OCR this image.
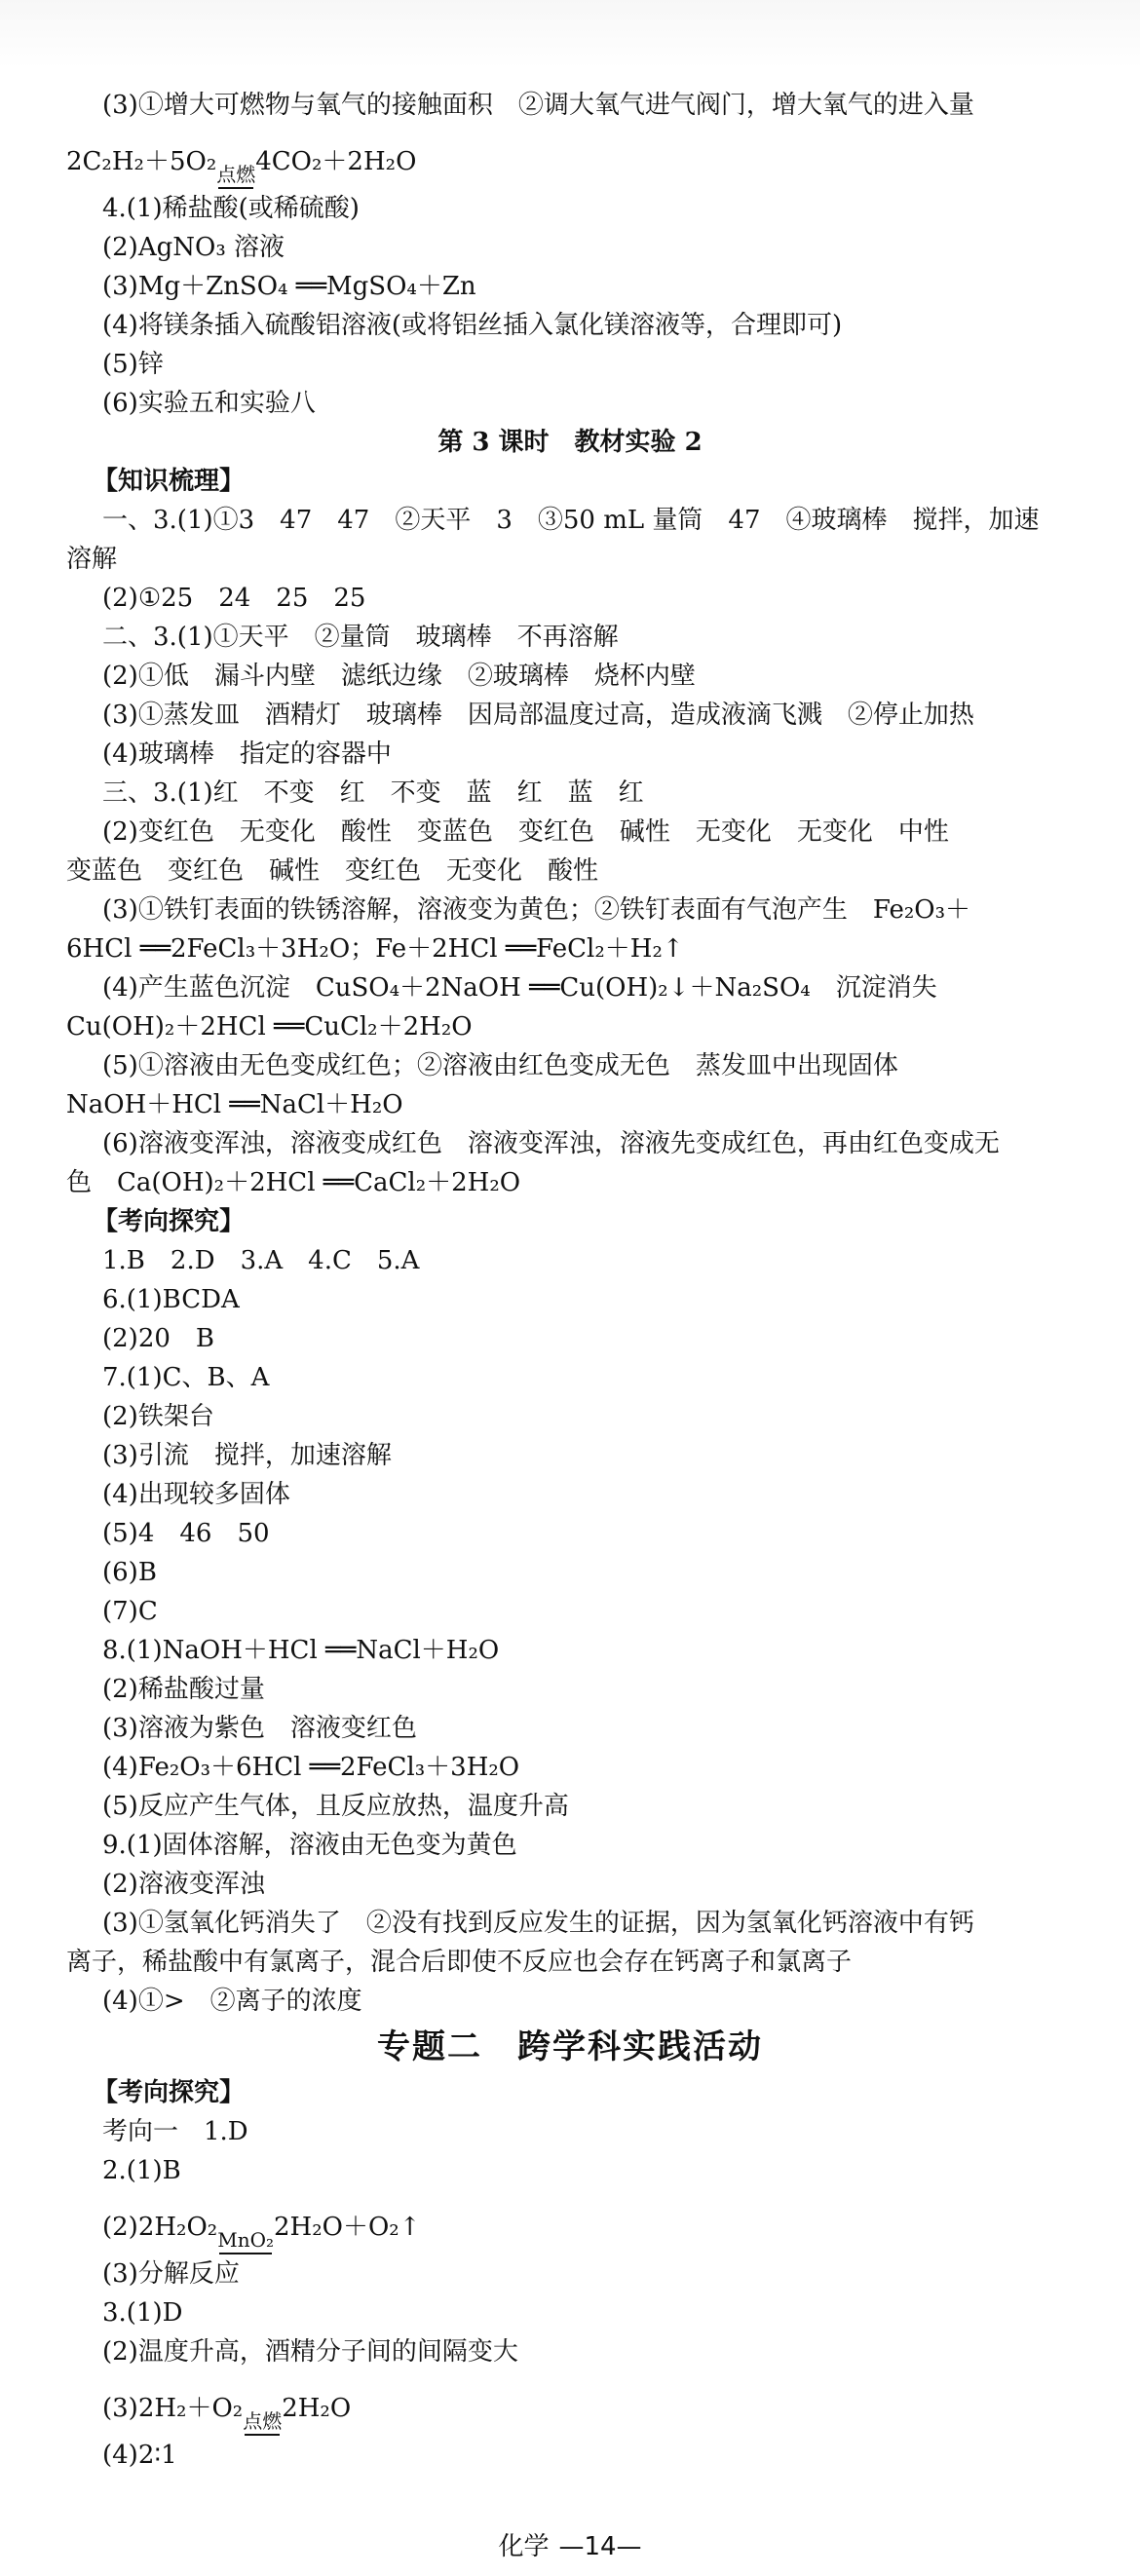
(3)①增大可燃物与氧气的接触面积　②调大氧气进气阀门，增大氧气的进入量
2C₂H₂＋5O₂ 点燃 4CO₂＋2H₂O
4.(1)稀盐酸(或稀硫酸)
(2)AgNO₃ 溶液
(3)Mg＋ZnSO₄ ══MgSO₄＋Zn
(4)将镁条插入硫酸铝溶液(或将铝丝插入氯化镁溶液等，合理即可)
(5)锌
(6)实验五和实验八
第 3 课时　教材实验 2
【知识梳理】
一、3.(1)①3　47　47　②天平　3　③50 mL 量筒　47　④玻璃棒　搅拌，加速
溶解
(2)①25　24　25　25
二、3.(1)①天平　②量筒　玻璃棒　不再溶解
(2)①低　漏斗内壁　滤纸边缘　②玻璃棒　烧杯内壁
(3)①蒸发皿　酒精灯　玻璃棒　因局部温度过高，造成液滴飞溅　②停止加热
(4)玻璃棒　指定的容器中
三、3.(1)红　不变　红　不变　蓝　红　蓝　红
(2)变红色　无变化　酸性　变蓝色　变红色　碱性　无变化　无变化　中性
变蓝色　变红色　碱性　变红色　无变化　酸性
(3)①铁钉表面的铁锈溶解，溶液变为黄色；②铁钉表面有气泡产生　Fe₂O₃＋
6HCl ══2FeCl₃＋3H₂O；Fe＋2HCl ══FeCl₂＋H₂↑
(4)产生蓝色沉淀　CuSO₄＋2NaOH ══Cu(OH)₂↓＋Na₂SO₄　沉淀消失
Cu(OH)₂＋2HCl ══CuCl₂＋2H₂O
(5)①溶液由无色变成红色；②溶液由红色变成无色　蒸发皿中出现固体
NaOH＋HCl ══NaCl＋H₂O
(6)溶液变浑浊，溶液变成红色　溶液变浑浊，溶液先变成红色，再由红色变成无
色　Ca(OH)₂＋2HCl ══CaCl₂＋2H₂O
【考向探究】
1.B　2.D　3.A　4.C　5.A
6.(1)BCDA
(2)20　B
7.(1)C、B、A
(2)铁架台
(3)引流　搅拌，加速溶解
(4)出现较多固体
(5)4　46　50
(6)B
(7)C
8.(1)NaOH＋HCl ══NaCl＋H₂O
(2)稀盐酸过量
(3)溶液为紫色　溶液变红色
(4)Fe₂O₃＋6HCl ══2FeCl₃＋3H₂O
(5)反应产生气体，且反应放热，温度升高
9.(1)固体溶解，溶液由无色变为黄色
(2)溶液变浑浊
(3)①氢氧化钙消失了　②没有找到反应发生的证据，因为氢氧化钙溶液中有钙
离子，稀盐酸中有氯离子，混合后即使不反应也会存在钙离子和氯离子
(4)①>　②离子的浓度
专题二　跨学科实践活动
【考向探究】
考向一　1.D
2.(1)B
(2)2H₂O₂ MnO₂ 2H₂O＋O₂↑
(3)分解反应
3.(1)D
(2)温度升高，酒精分子间的间隔变大
(3)2H₂＋O₂ 点燃 2H₂O
(4)2∶1
化学 —14—
